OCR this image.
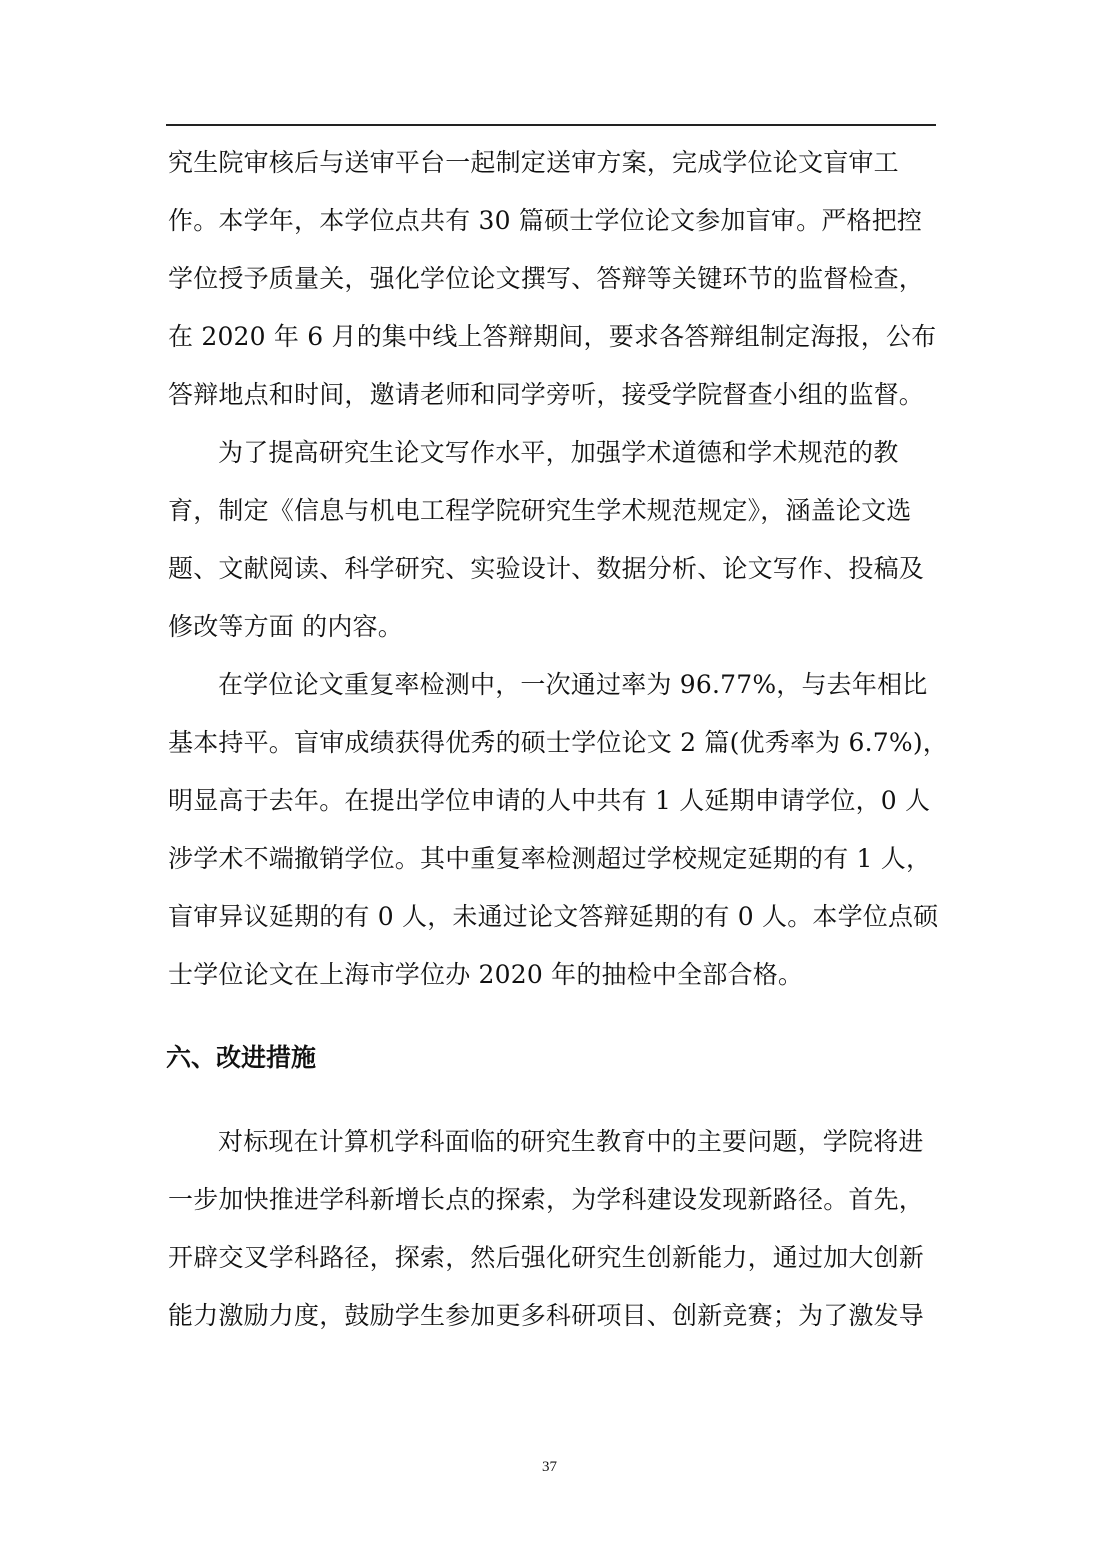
究生院审核后与送审平台一起制定送审方案，完成学位论文盲审工
作。本学年，本学位点共有 30 篇硕士学位论文参加盲审。严格把控
学位授予质量关，强化学位论文撰写、答辩等关键环节的监督检查，
在 2020 年 6 月的集中线上答辩期间，要求各答辩组制定海报，公布
答辩地点和时间，邀请老师和同学旁听，接受学院督查小组的监督。
为了提高研究生论文写作水平，加强学术道德和学术规范的教
育，制定《信息与机电工程学院研究生学术规范规定》，涵盖论文选
题、文献阅读、科学研究、实验设计、数据分析、论文写作、投稿及
修改等方面 的内容。
在学位论文重复率检测中，一次通过率为 96.77%，与去年相比
基本持平。盲审成绩获得优秀的硕士学位论文 2 篇(优秀率为 6.7%)，
明显高于去年。在提出学位申请的人中共有 1 人延期申请学位，0 人
涉学术不端撤销学位。其中重复率检测超过学校规定延期的有 1 人，
盲审异议延期的有 0 人，未通过论文答辩延期的有 0 人。本学位点硕
士学位论文在上海市学位办 2020 年的抽检中全部合格。
六、改进措施
对标现在计算机学科面临的研究生教育中的主要问题，学院将进
一步加快推进学科新增长点的探索，为学科建设发现新路径。首先，
开辟交叉学科路径，探索，然后强化研究生创新能力，通过加大创新
能力激励力度，鼓励学生参加更多科研项目、创新竞赛；为了激发导
37
